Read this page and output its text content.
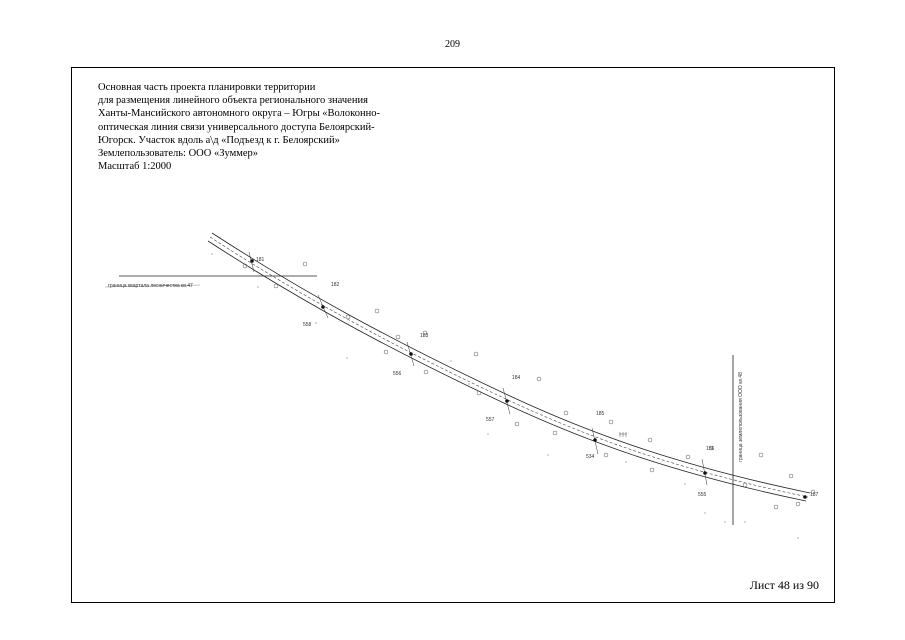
209
Основная часть проекта планировки территории
для размещения линейного объекта регионального значения
Ханты-Мансийского автономного округа – Югры «Волоконно-
оптическая линия связи универсального доступа Белоярский-
Югорск. Участок вдоль а\д «Подъезд к г. Белоярский»
Землепользователь: ООО «Зуммер»
Масштаб 1:2000
граница квартала лесничества кв.47
граница землепользования ООО кв.48
181
182
183
184
185
186
187
558
556
557
534
555
Лист 48 из 90
